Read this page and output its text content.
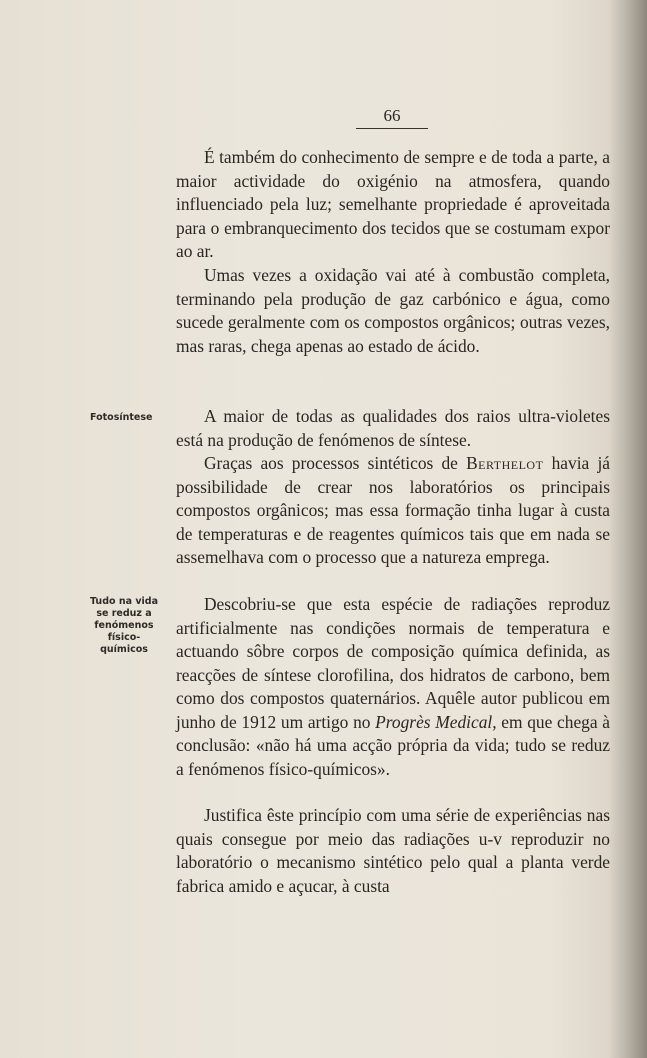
66

É também do conhecimento de sempre e de toda a parte, a maior actividade do oxigénio na atmosfera, quando influenciado pela luz; semelhante propriedade é aproveitada para o embranquecimento dos tecidos que se costumam expor ao ar.

Umas vezes a oxidação vai até à combustão completa, terminando pela produção de gaz carbónico e água, como sucede geralmente com os compostos orgânicos; outras vezes, mas raras, chega apenas ao estado de ácido.

A maior de todas as qualidades dos raios ultra-violetes está na produção de fenómenos de síntese.

Graças aos processos sintéticos de Berthelot havia já possibilidade de crear nos laboratórios os principais compostos orgânicos; mas essa formação tinha lugar à custa de temperaturas e de reagentes químicos tais que em nada se assemelhava com o processo que a natureza emprega.

Descobriu-se que esta espécie de radiações reproduz artificialmente nas condições normais de temperatura e actuando sôbre corpos de composição química definida, as reacções de síntese clorofilina, dos hidratos de carbono, bem como dos compostos quaternários. Aquêle autor publicou em junho de 1912 um artigo no Progrès Medical, em que chega à conclusão: «não há uma acção própria da vida; tudo se reduz a fenómenos físico-químicos».

Justifica êste princípio com uma série de experiências nas quais consegue por meio das radiações u-v reproduzir no laboratório o mecanismo sintético pelo qual a planta verde fabrica amido e açucar, à custa

Fotosíntese
Tudo na vida se reduz a fenómenos físico-químicos
